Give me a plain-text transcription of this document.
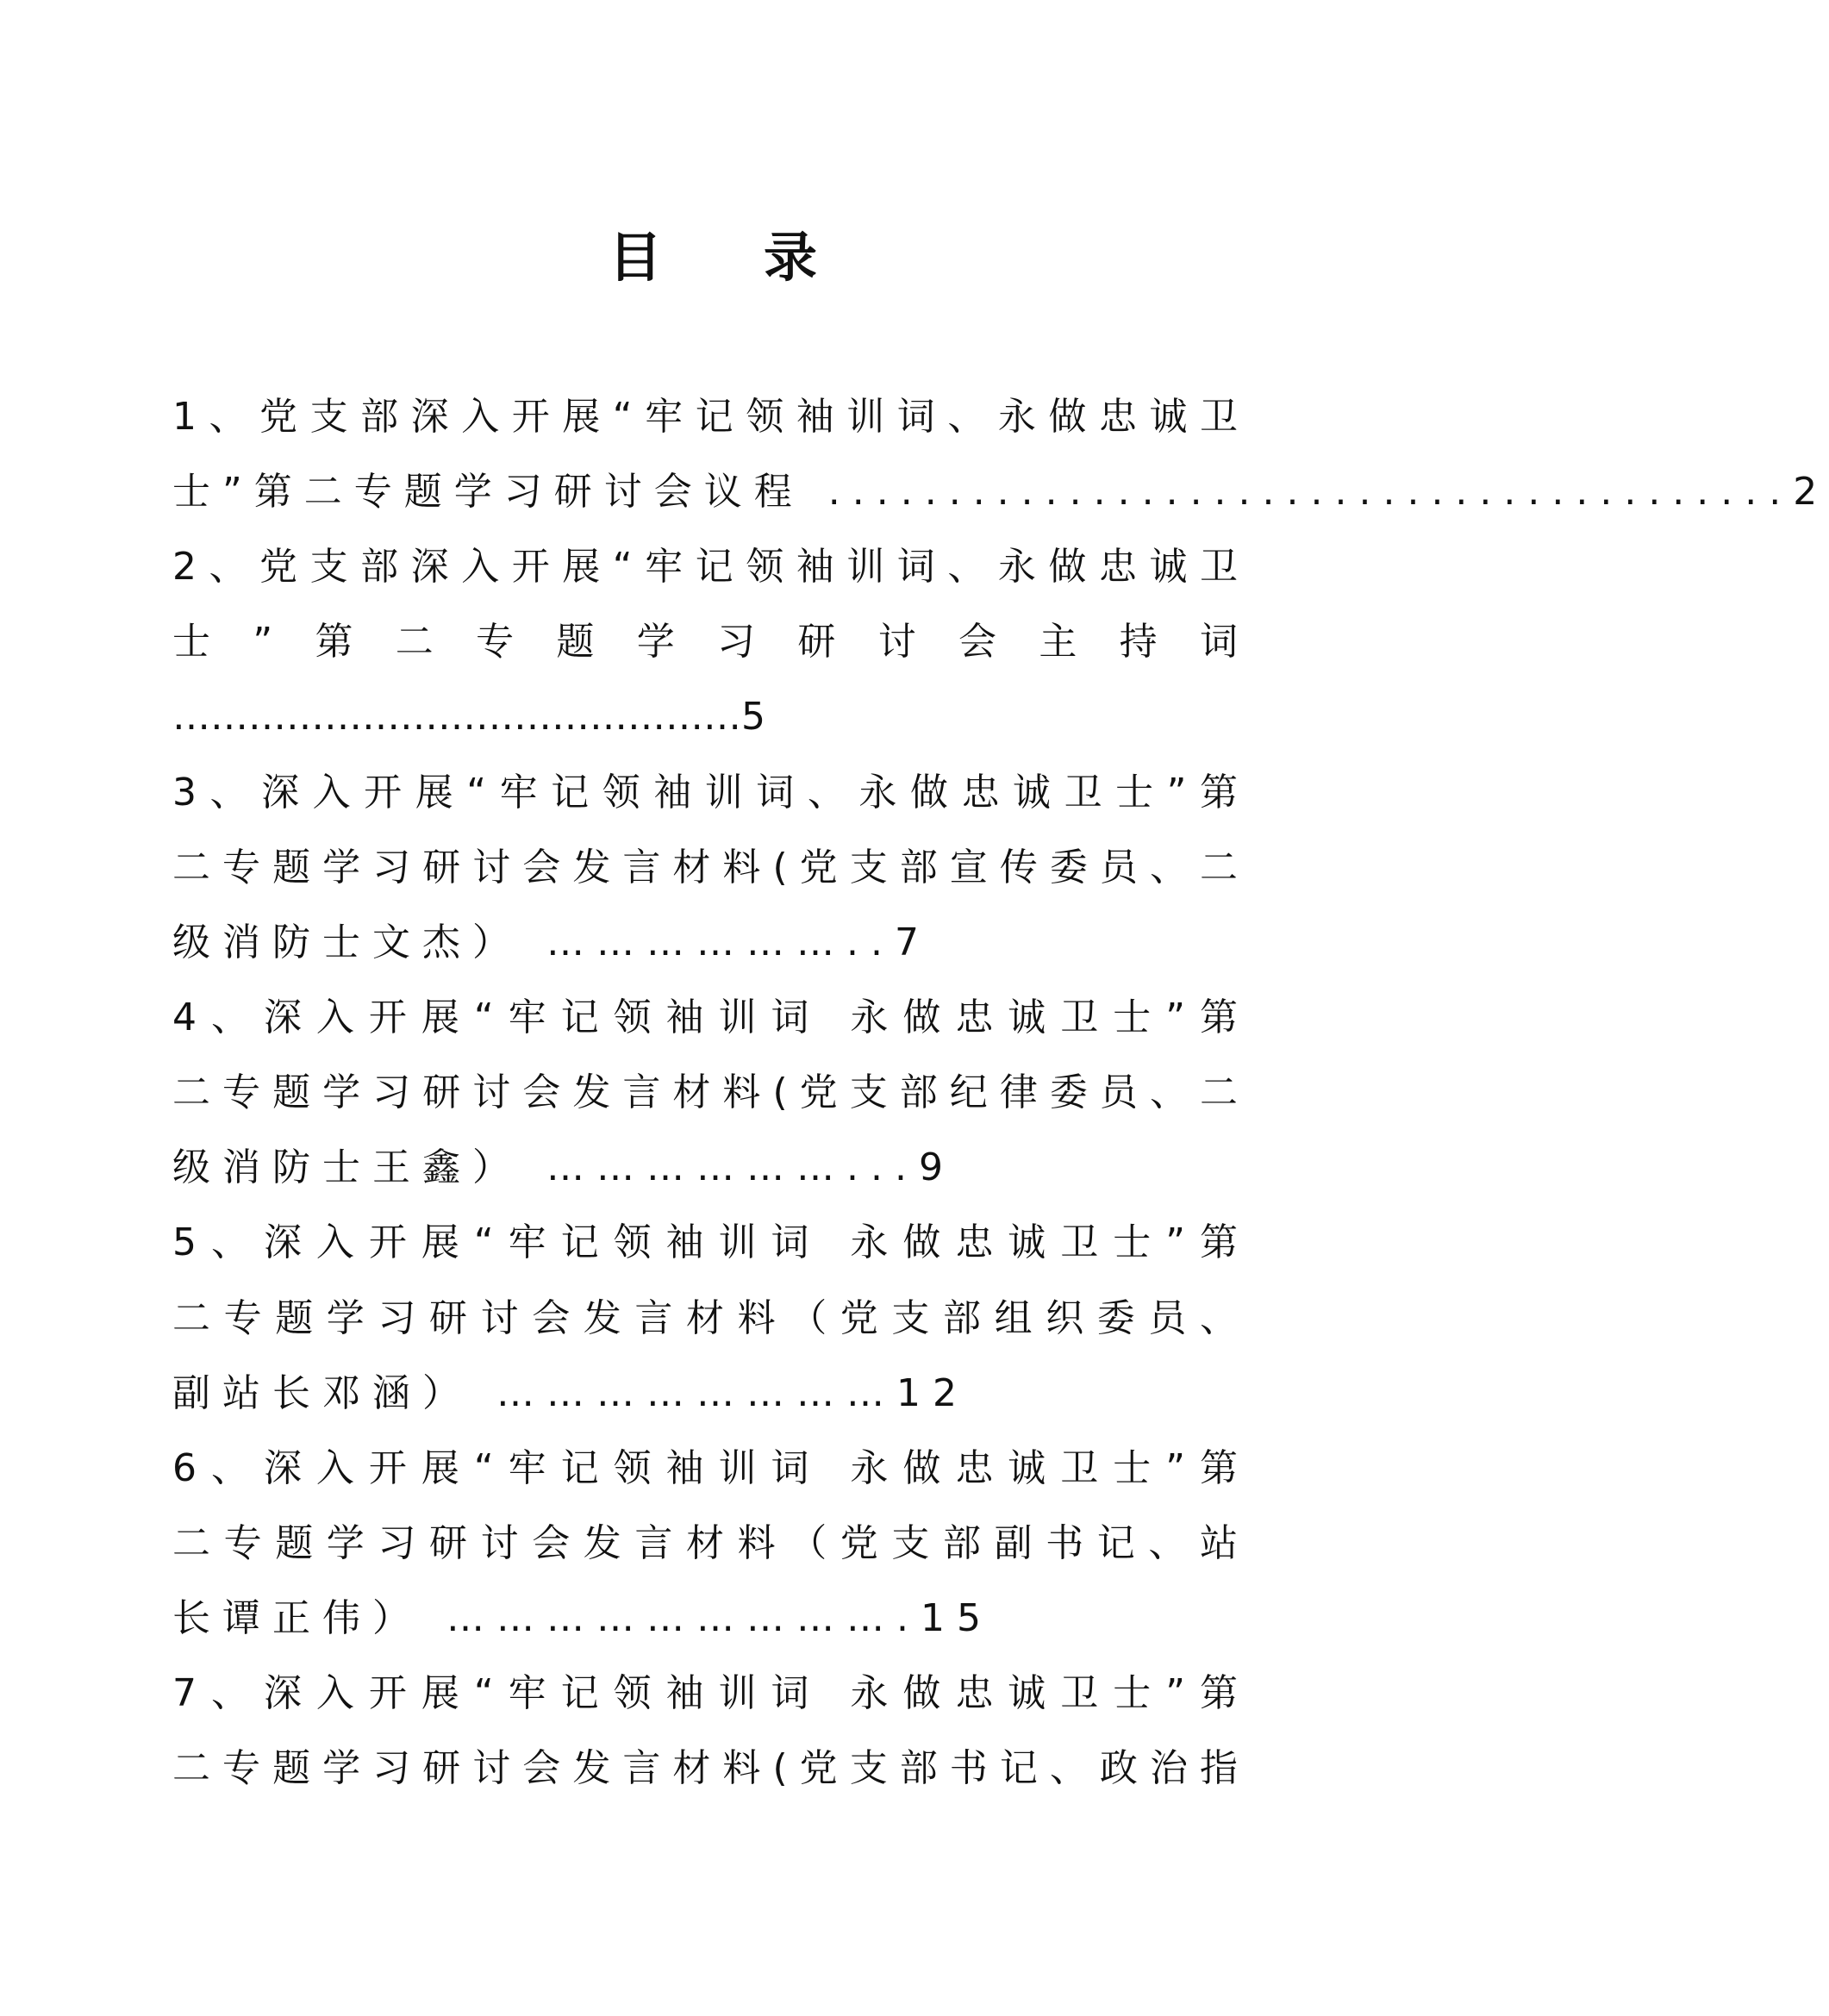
目 录
1、党支部深入开展“牢记领袖训词、永做忠诚卫
士”第二专题学习研讨会议程 ........................................2
2、党支部深入开展“牢记领袖训词、永做忠诚卫
士”第二专题学习研讨会主持词
………………………………………5
3、深入开展“牢记领袖训词、永做忠诚卫士”第
二专题学习研讨会发言材料(党支部宣传委员、二
级消防士文杰） ………………..7
4、深入开展“牢记领袖训词 永做忠诚卫士”第
二专题学习研讨会发言材料(党支部纪律委员、二
级消防士王鑫） ………………...9
5、深入开展“牢记领袖训词 永做忠诚卫士”第
二专题学习研讨会发言材料（党支部组织委员、
副站长邓涵） ……………………12
6、深入开展“牢记领袖训词 永做忠诚卫士”第
二专题学习研讨会发言材料（党支部副书记、站
长谭正伟） ……………………….15
7、深入开展“牢记领袖训词 永做忠诚卫士”第
二专题学习研讨会发言材料(党支部书记、政治指
